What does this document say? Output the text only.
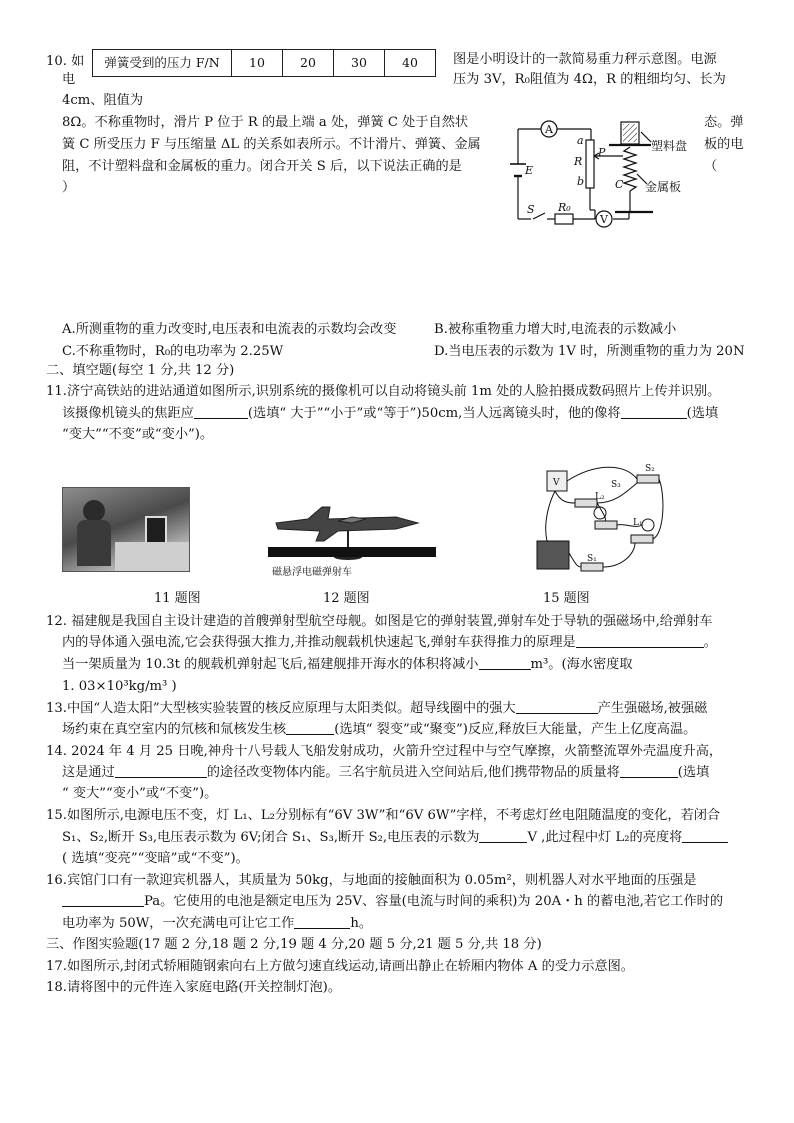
10. 如
电
弹簧受到的压力 F/N	10	20	30	40	图是小明设计的一款简易重力秤示意图。电源
压为 3V，R₀阻值为 4Ω，R 的粗细均匀、长为
4cm、阻值为
8Ω。不称重物时，滑片 P 位于 R 的最上端 a 处，弹簧 C 处于自然状	态。弹
簧 C 所受压力 F 与压缩量 ΔL 的关系如表所示。不计滑片、弹簧、金属	板的电
阻，不计塑料盘和金属板的重力。闭合开关 S 后，以下说法正确的是	（
）
A
V
E
S R₀
R
a
b
P
C
塑料盘
金属板
A.所测重物的重力改变时,电压表和电流表的示数均会改变	B.被称重物重力增大时,电流表的示数减小
C.不称重物时，R₀的电功率为 2.25W	D.当电压表的示数为 1V 时，所测重物的重力为 20N
二、填空题(每空 1 分,共 12 分)
11.济宁高铁站的进站通道如图所示,识别系统的摄像机可以自动将镜头前 1m 处的人脸拍摄成数码照片上传并识别。
该摄像机镜头的焦距应	(选填“ 大于”“小于”或“等于”)50cm,当人远离镜头时，他的像将	(选填
“变大”“不变”或“变小”)。
11 题图
磁悬浮电磁弹射车
12 题图
V	S₃
S₂
L₂
L₁
S₁
15 题图
12. 福建舰是我国自主设计建造的首艘弹射型航空母舰。如图是它的弹射装置,弹射车处于导轨的强磁场中,给弹射车
内的导体通入强电流,它会获得强大推力,并推动舰载机快速起飞,弹射车获得推力的原理是	。
当一架质量为 10.3t 的舰载机弹射起飞后,福建舰排开海水的体积将减小	m³。(海水密度取
1. 03×10³kg/m³ )
13.中国“人造太阳”大型核实验装置的核反应原理与太阳类似。超导线圈中的强大	产生强磁场,被强磁
场约束在真空室内的氘核和氚核发生核	(选填“ 裂变”或“聚变”)反应,释放巨大能量，产生上亿度高温。
14. 2024 年 4 月 25 日晚,神舟十八号载人飞船发射成功，火箭升空过程中与空气摩擦，火箭整流罩外壳温度升高，
这是通过	的途径改变物体内能。三名宇航员进入空间站后,他们携带物品的质量将	(选填
“ 变大”“变小”或“不变”)。
15.如图所示,电源电压不变，灯 L₁、L₂分别标有“6V 3W”和“6V 6W”字样，不考虑灯丝电阻随温度的变化，若闭合
S₁、S₂,断开 S₃,电压表示数为 6V;闭合 S₁、S₃,断开 S₂,电压表的示数为	V ,此过程中灯 L₂的亮度将
( 选填“变亮”“变暗”或“不变”)。
16.宾馆门口有一款迎宾机器人，其质量为 50kg，与地面的接触面积为 0.05m²，则机器人对水平地面的压强是
Pa。它使用的电池是额定电压为 25V、容量(电流与时间的乘积)为 20A・h 的蓄电池,若它工作时的
电功率为 50W，一次充满电可让它工作	h。
三、作图实验题(17 题 2 分,18 题 2 分,19 题 4 分,20 题 5 分,21 题 5 分,共 18 分)
17.如图所示,封闭式轿厢随钢索向右上方做匀速直线运动,请画出静止在轿厢内物体 A 的受力示意图。
18.请将图中的元件连入家庭电路(开关控制灯泡)。
